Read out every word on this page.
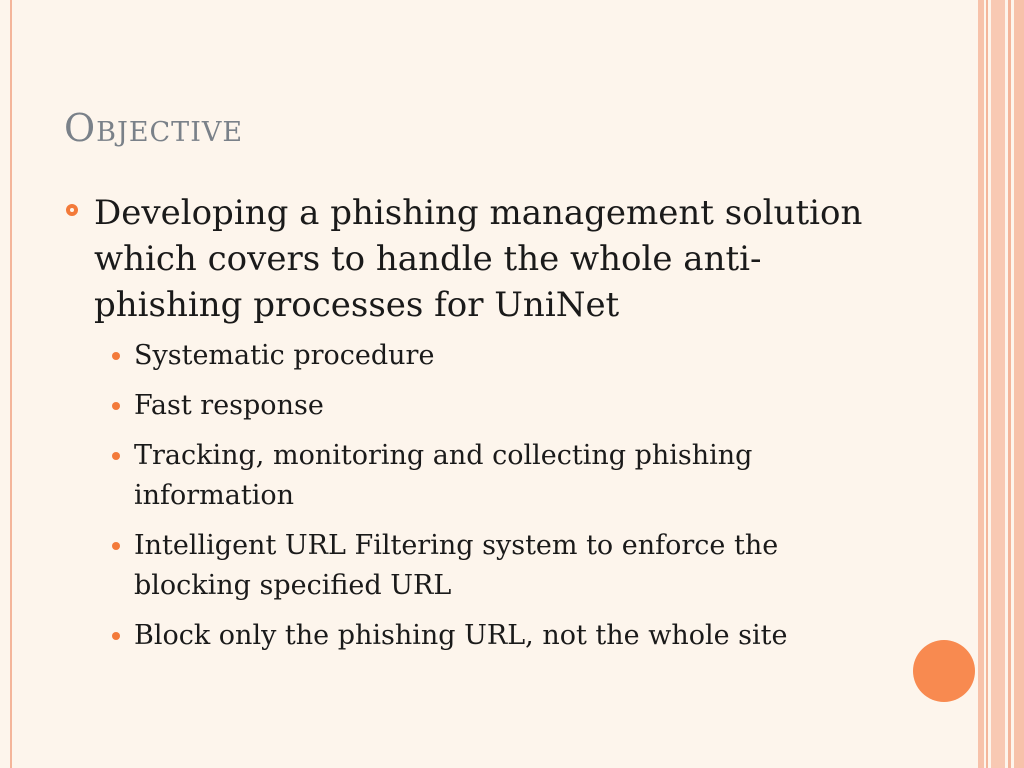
Objective
Developing a phishing management solution which covers to handle the whole anti-phishing processes for UniNet
Systematic procedure
Fast response
Tracking, monitoring and collecting phishing information
Intelligent URL Filtering system to enforce the blocking specified URL
Block only the phishing URL, not the whole site
